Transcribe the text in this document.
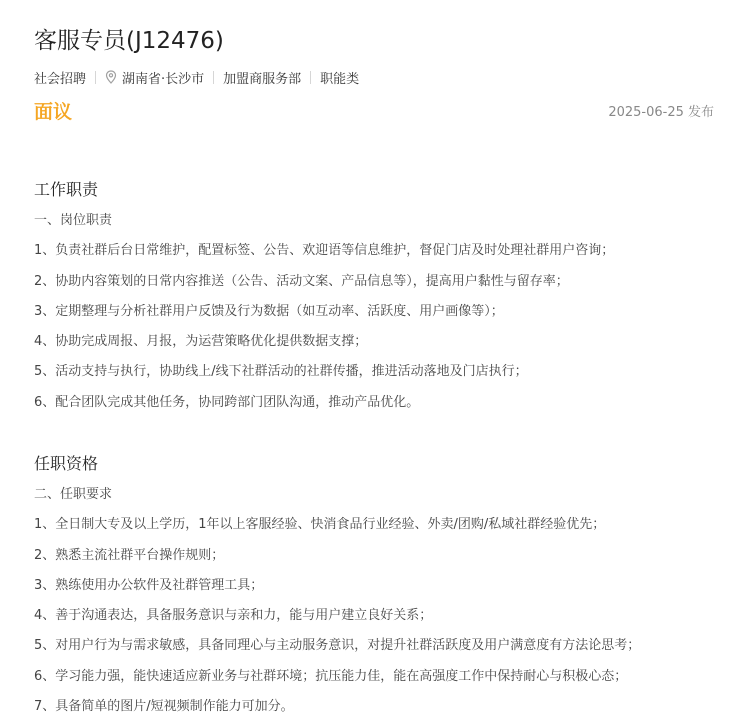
客服专员(J12476)
社会招聘	湖南省·长沙市 加盟商服务部 职能类
面议	2025-06-25 发布
工作职责
一、岗位职责
1、负责社群后台日常维护，配置标签、公告、欢迎语等信息维护，督促门店及时处理社群用户咨询；
2、协助内容策划的日常内容推送（公告、活动文案、产品信息等），提高用户黏性与留存率；
3、定期整理与分析社群用户反馈及行为数据（如互动率、活跃度、用户画像等）；
4、协助完成周报、月报，为运营策略优化提供数据支撑；
5、活动支持与执行，协助线上/线下社群活动的社群传播，推进活动落地及门店执行；
6、配合团队完成其他任务，协同跨部门团队沟通，推动产品优化。
任职资格
二、任职要求
1、全日制大专及以上学历，1年以上客服经验、快消食品行业经验、外卖/团购/私域社群经验优先；
2、熟悉主流社群平台操作规则；
3、熟练使用办公软件及社群管理工具；
4、善于沟通表达，具备服务意识与亲和力，能与用户建立良好关系；
5、对用户行为与需求敏感，具备同理心与主动服务意识，对提升社群活跃度及用户满意度有方法论思考；
6、学习能力强，能快速适应新业务与社群环境；抗压能力佳，能在高强度工作中保持耐心与积极心态；
7、具备简单的图片/短视频制作能力可加分。
